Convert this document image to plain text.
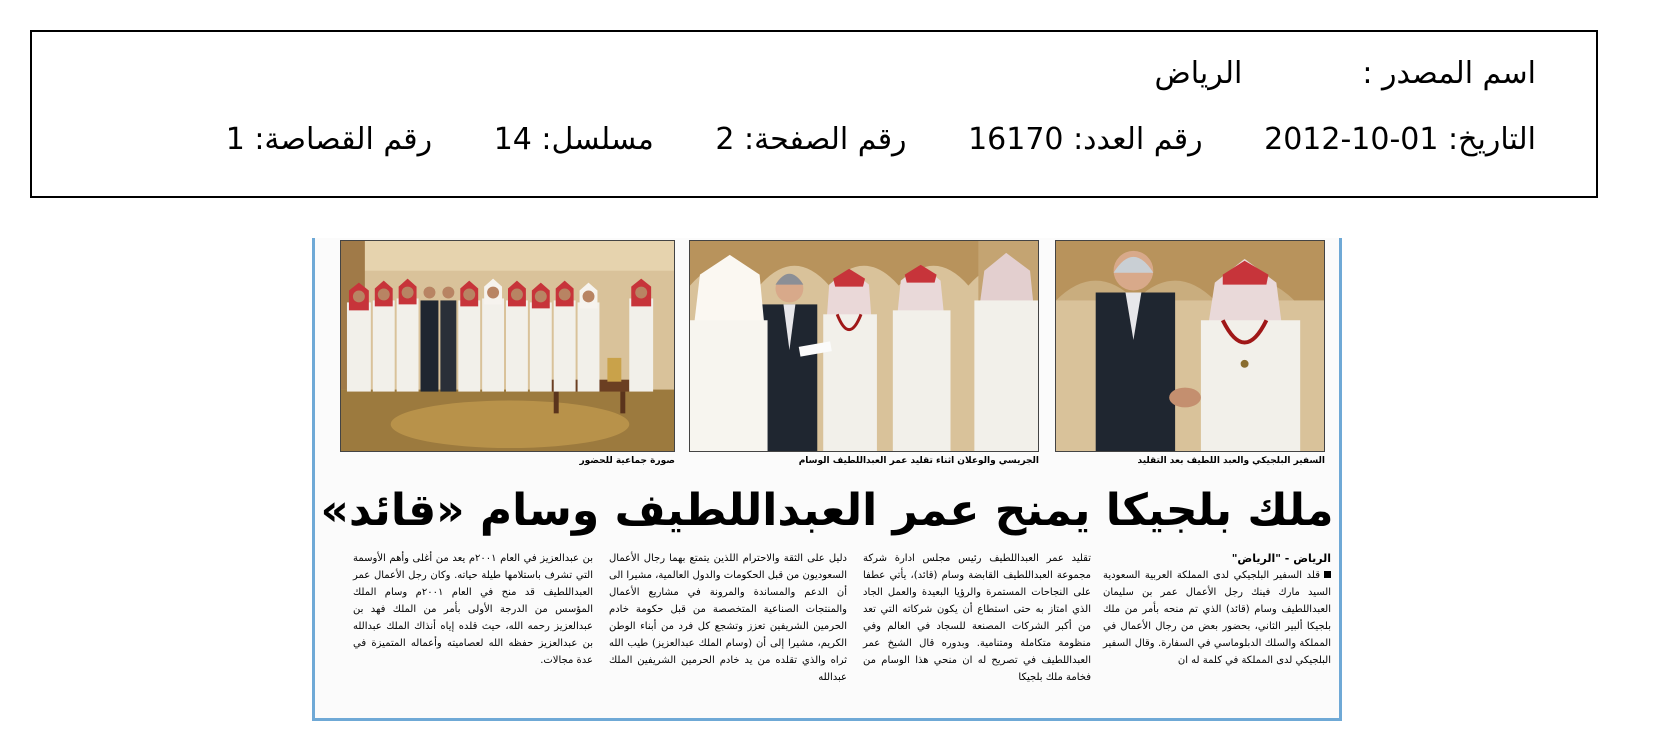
اسم المصدر :الرياض
التاريخ: 2012-10-01 رقم العدد: 16170 رقم الصفحة: 2 مسلسل: 14 رقم القصاصة: 1
السفير البلجيكي والعبد اللطيف بعد التقليد
الجريسي والوعلان اثناء تقليد عمر العبداللطيف الوسام
صورة جماعية للحضور
ملك بلجيكا يمنح عمر العبداللطيف وسام «قائد»
الرياض - "الرياض"

قلد السفير البلجيكي لدى المملكة العربية السعودية السيد مارك فينك رجل الأعمال عمر بن سليمان العبداللطيف وسام (قائد) الذي تم منحه بأمر من ملك بلجيكا ألبير الثاني، بحضور بعض من رجال الأعمال في المملكة والسلك الدبلوماسي في السفارة. وقال السفير البلجيكي لدى المملكة في كلمة له ان

تقليد عمر العبداللطيف رئيس مجلس ادارة شركة مجموعة العبداللطيف القابضة وسام (قائد)، يأتي عطفا على النجاحات المستمرة والرؤيا البعيدة والعمل الجاد الذي امتاز به حتى استطاع أن يكون شركاته التي تعد من أكبر الشركات المصنعة للسجاد في العالم وفي منظومة متكاملة ومتنامية. وبدوره قال الشيخ عمر العبداللطيف في تصريح له ان منحي هذا الوسام من فخامة ملك بلجيكا

دليل على الثقة والاحترام اللذين يتمتع بهما رجال الأعمال السعوديون من قبل الحكومات والدول العالمية، مشيرا الى أن الدعم والمساندة والمرونة في مشاريع الأعمال والمنتجات الصناعية المتخصصة من قبل حكومة خادم الحرمين الشريفين تعزز وتشجع كل فرد من أبناء الوطن الكريم، مشيرا إلى أن (وسام الملك عبدالعزيز) طيب الله ثراه والذي تقلده من يد خادم الحرمين الشريفين الملك عبدالله

بن عبدالعزيز في العام ٢٠٠١م يعد من أغلى وأهم الأوسمة التي تشرف باستلامها طيلة حياته. وكان رجل الأعمال عمر العبداللطيف قد منح في العام ٢٠٠١م وسام الملك المؤسس من الدرجة الأولى بأمر من الملك فهد بن عبدالعزيز رحمه الله، حيث قلده إياه أنذاك الملك عبدالله بن عبدالعزيز حفظه الله لعصاميته وأعماله المتميزة في عدة مجالات.
